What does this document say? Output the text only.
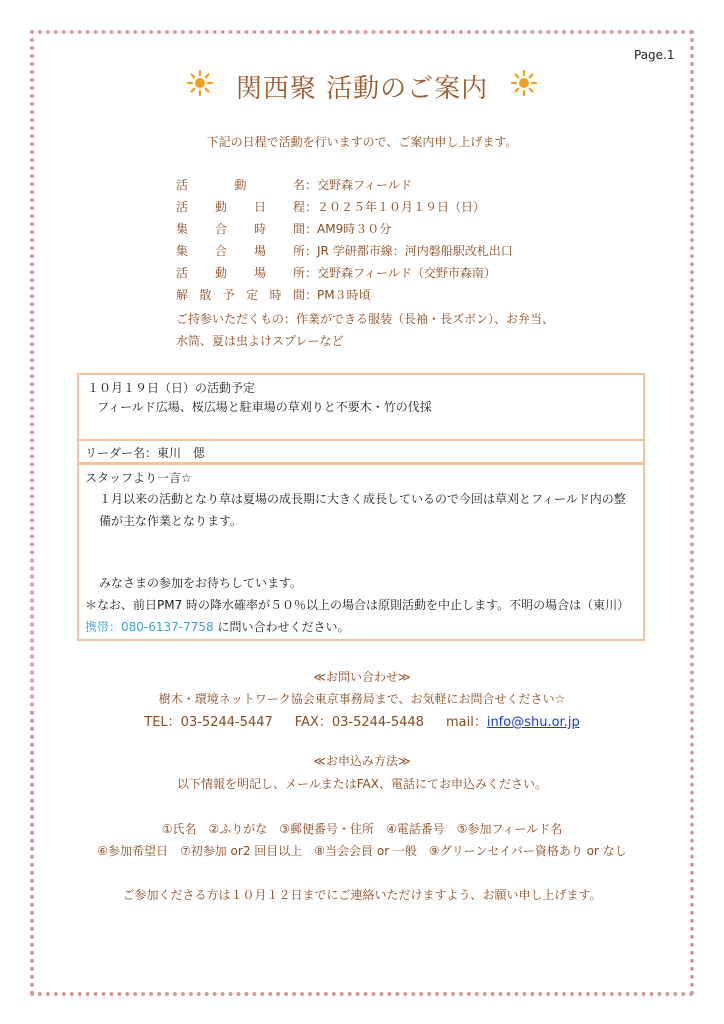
Page.1
関西聚 活動のご案内
下記の日程で活動を行いますので、ご案内申し上げます。
活	動	名 ： 交野森フィールド
活 動 日 程 ： ２０２５年１０月１９日（日）
集 合 時 間 ： AM9時３０分
集 合 場 所 ： JR 学研都市線：河内磐船駅改札出口
活 動 場 所 ： 交野森フィールド（交野市森南）
解 散 予 定 時 間 ： PM３時頃
ご持参いただくもの：作業ができる服装（長袖・長ズボン）、お弁当、水筒、夏は虫よけスプレーなど

１０月１９日（日）の活動予定

フィールド広場、桜広場と駐車場の草刈りと不要木・竹の伐採

リーダー名：東川　偲

スタッフより一言☆

１月以来の活動となり草は夏場の成長期に大きく成長しているので今回は草刈とフィールド内の整備が主な作業となります。

みなさまの参加をお待ちしています。

＊なお、前日PM7 時の降水確率が５０％以上の場合は原則活動を中止します。不明の場合は（東川）携帯：080-6137-7758 に問い合わせください。

≪お問い合わせ≫
樹木・環境ネットワーク協会東京事務局まで、お気軽にお問合せください☆
TEL：03-5244-5447 FAX：03-5244-5448 mail：info@shu.or.jp
≪お申込み方法≫
以下情報を明記し、メールまたはFAX、電話にてお申込みください。
①氏名　②ふりがな　③郵便番号・住所　④電話番号　⑤参加フィールド名
⑥参加希望日　⑦初参加 or2 回目以上　⑧当会会員 or 一般　⑨グリーンセイバー資格あり or なし
ご参加くださる方は１０月１２日までにご連絡いただけますよう、お願い申し上げます。
